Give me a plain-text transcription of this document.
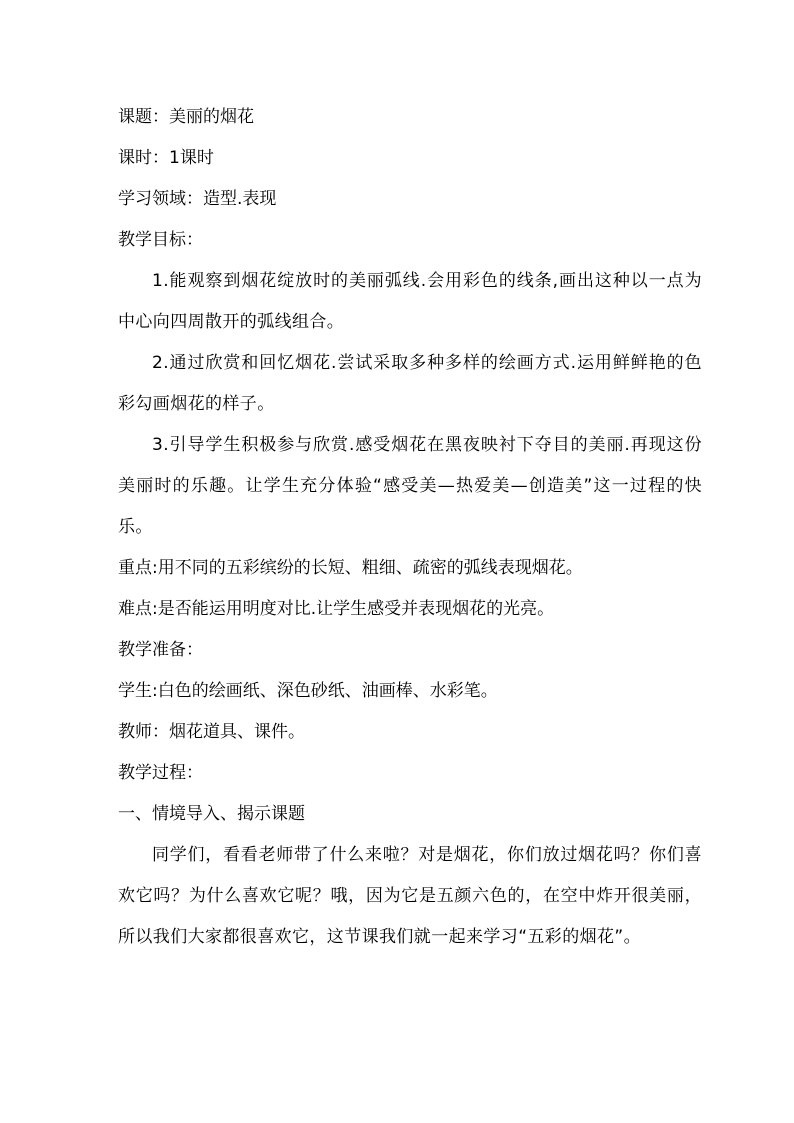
课题：美丽的烟花
课时：1课时
学习领域：造型.表现
教学目标：

1.能观察到烟花绽放时的美丽弧线.会用彩色的线条,画出这种以一点为中心向四周散开的弧线组合。

2.通过欣赏和回忆烟花.尝试采取多种多样的绘画方式.运用鲜鲜艳的色彩勾画烟花的样子。

3.引导学生积极参与欣赏.感受烟花在黑夜映衬下夺目的美丽.再现这份美丽时的乐趣。让学生充分体验“感受美—热爱美—创造美”这一过程的快乐。

重点:用不同的五彩缤纷的长短、粗细、疏密的弧线表现烟花。
难点:是否能运用明度对比.让学生感受并表现烟花的光亮。
教学准备：
学生:白色的绘画纸、深色砂纸、油画棒、水彩笔。
教师：烟花道具、课件。
教学过程：
一、情境导入、揭示课题

同学们，看看老师带了什么来啦？对是烟花，你们放过烟花吗？你们喜欢它吗？为什么喜欢它呢？哦，因为它是五颜六色的，在空中炸开很美丽，所以我们大家都很喜欢它，这节课我们就一起来学习“五彩的烟花”。
